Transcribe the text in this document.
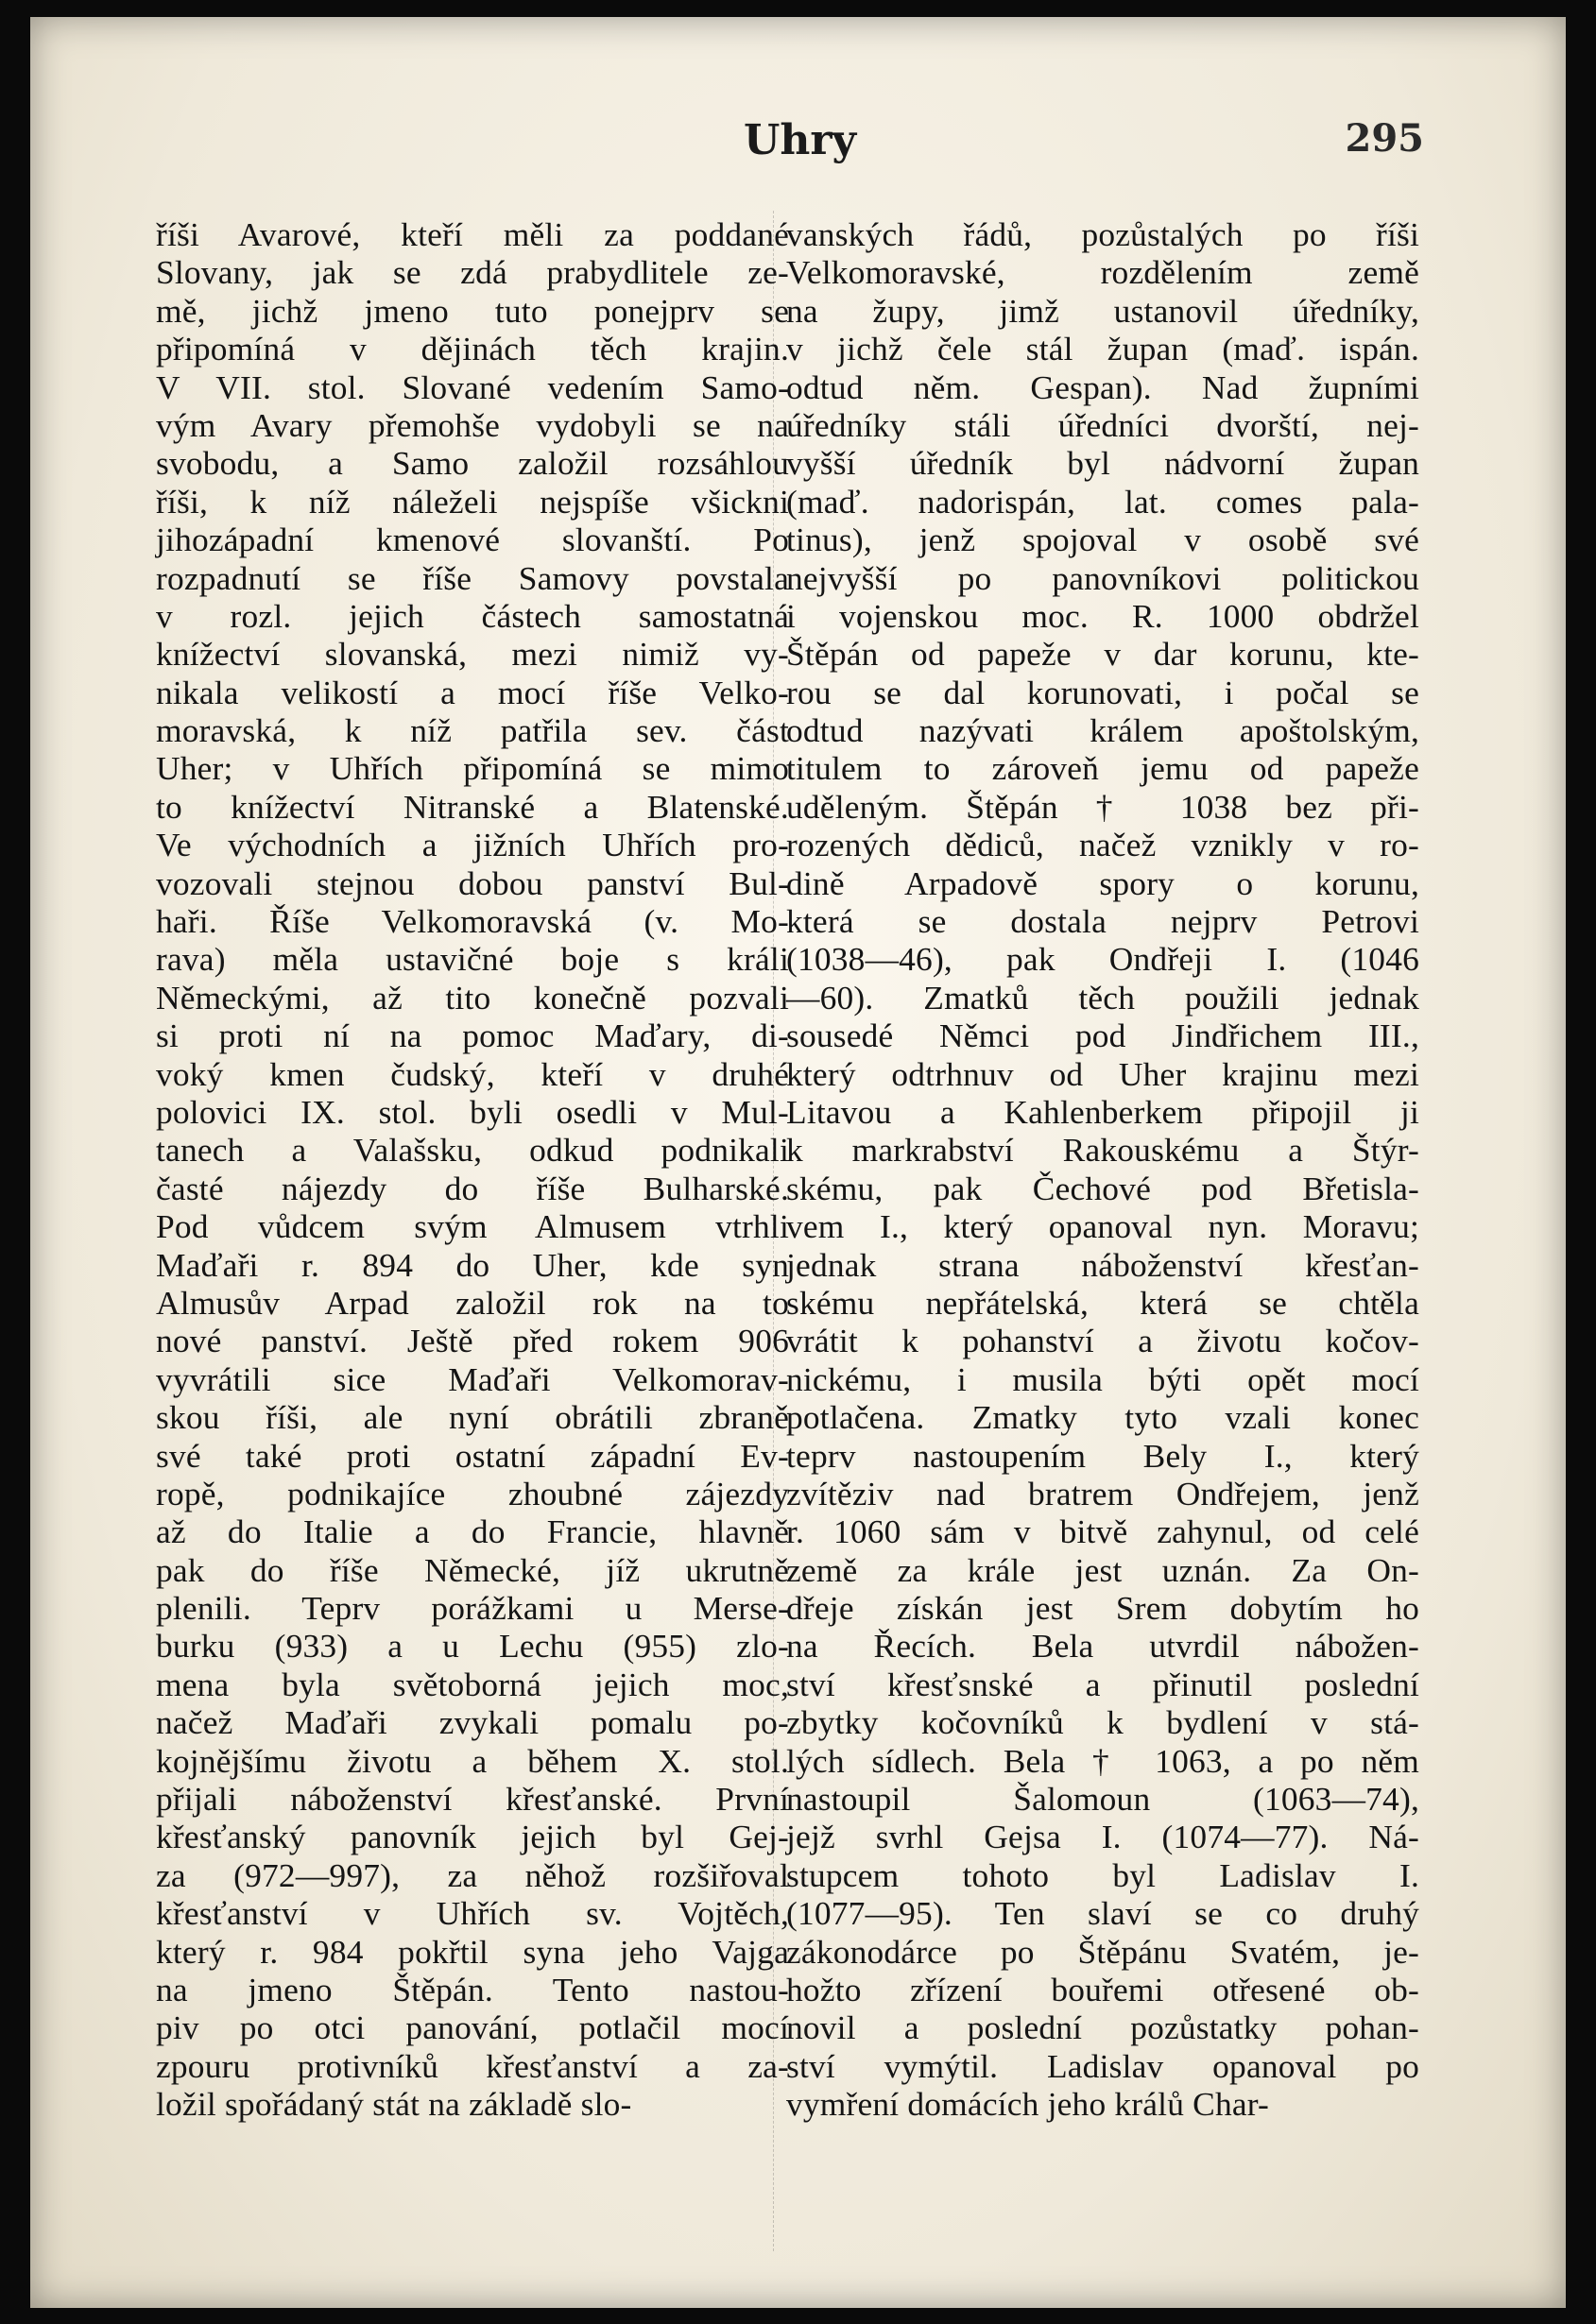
Uhry	295
říši Avarové, kteří měli za poddané
Slovany, jak se zdá prabydlitele ze-
mě, jichž jmeno tuto ponejprv se
připomíná v dějinách těch krajin.
V VII. stol. Slované vedením Samo-
vým Avary přemohše vydobyli se na
svobodu, a Samo založil rozsáhlou
říši, k níž náleželi nejspíše všickni
jihozápadní kmenové slovanští. Po
rozpadnutí se říše Samovy povstala
v rozl. jejich částech samostatná
knížectví slovanská, mezi nimiž vy-
nikala velikostí a mocí říše Velko-
moravská, k níž patřila sev. část
Uher; v Uhřích připomíná se mimo
to knížectví Nitranské a Blatenské.
Ve východních a jižních Uhřích pro-
vozovali stejnou dobou panství Bul-
haři. Říše Velkomoravská (v. Mo-
rava) měla ustavičné boje s králi
Německými, až tito konečně pozvali
si proti ní na pomoc Maďary, di-
voký kmen čudský, kteří v druhé
polovici IX. stol. byli osedli v Mul-
tanech a Valašsku, odkud podnikali
časté nájezdy do říše Bulharské.
Pod vůdcem svým Almusem vtrhli
Maďaři r. 894 do Uher, kde syn
Almusův Arpad založil rok na to
nové panství. Ještě před rokem 906
vyvrátili sice Maďaři Velkomorav-
skou říši, ale nyní obrátili zbraně
své také proti ostatní západní Ev-
ropě, podnikajíce zhoubné zájezdy
až do Italie a do Francie, hlavně
pak do říše Německé, jíž ukrutně
plenili. Teprv porážkami u Merse-
burku (933) a u Lechu (955) zlo-
mena byla světoborná jejich moc,
načež Maďaři zvykali pomalu po-
kojnějšímu životu a během X. stol.
přijali náboženství křesťanské. První
křesťanský panovník jejich byl Gej-
za (972—997), za něhož rozšiřoval
křesťanství v Uhřích sv. Vojtěch,
který r. 984 pokřtil syna jeho Vajga
na jmeno Štěpán. Tento nastou-
piv po otci panování, potlačil mocí
zpouru protivníků křesťanství a za-
ložil spořádaný stát na základě slo-
vanských řádů, pozůstalých po říši
Velkomoravské, rozdělením země
na župy, jimž ustanovil úředníky,
v jichž čele stál župan (maď. ispán.
odtud něm. Gespan). Nad župními
úředníky stáli úředníci dvorští, nej-
vyšší úředník byl nádvorní župan
(maď. nadorispán, lat. comes pala-
tinus), jenž spojoval v osobě své
nejvyšší po panovníkovi politickou
i vojenskou moc. R. 1000 obdržel
Štěpán od papeže v dar korunu, kte-
rou se dal korunovati, i počal se
odtud nazývati králem apoštolským,
titulem to zároveň jemu od papeže
uděleným. Štěpán † 1038 bez při-
rozených dědiců, načež vznikly v ro-
dině Arpadově spory o korunu,
která se dostala nejprv Petrovi
(1038—46), pak Ondřeji I. (1046
—60). Zmatků těch použili jednak
sousedé Němci pod Jindřichem III.,
který odtrhnuv od Uher krajinu mezi
Litavou a Kahlenberkem připojil ji
k markrabství Rakouskému a Štýr-
skému, pak Čechové pod Břetisla-
vem I., který opanoval nyn. Moravu;
jednak strana náboženství křesťan-
skému nepřátelská, která se chtěla
vrátit k pohanství a životu kočov-
nickému, i musila býti opět mocí
potlačena. Zmatky tyto vzali konec
teprv nastoupením Bely I., který
zvítěziv nad bratrem Ondřejem, jenž
r. 1060 sám v bitvě zahynul, od celé
země za krále jest uznán. Za On-
dřeje získán jest Srem dobytím ho
na Řecích. Bela utvrdil nábožen-
ství křesťsnské a přinutil poslední
zbytky kočovníků k bydlení v stá-
lých sídlech. Bela † 1063, a po něm
nastoupil Šalomoun (1063—74),
jejž svrhl Gejsa I. (1074—77). Ná-
stupcem tohoto byl Ladislav I.
(1077—95). Ten slaví se co druhý
zákonodárce po Štěpánu Svatém, je-
hožto zřízení bouřemi otřesené ob-
novil a poslední pozůstatky pohan-
ství vymýtil. Ladislav opanoval po
vymření domácích jeho králů Char-
